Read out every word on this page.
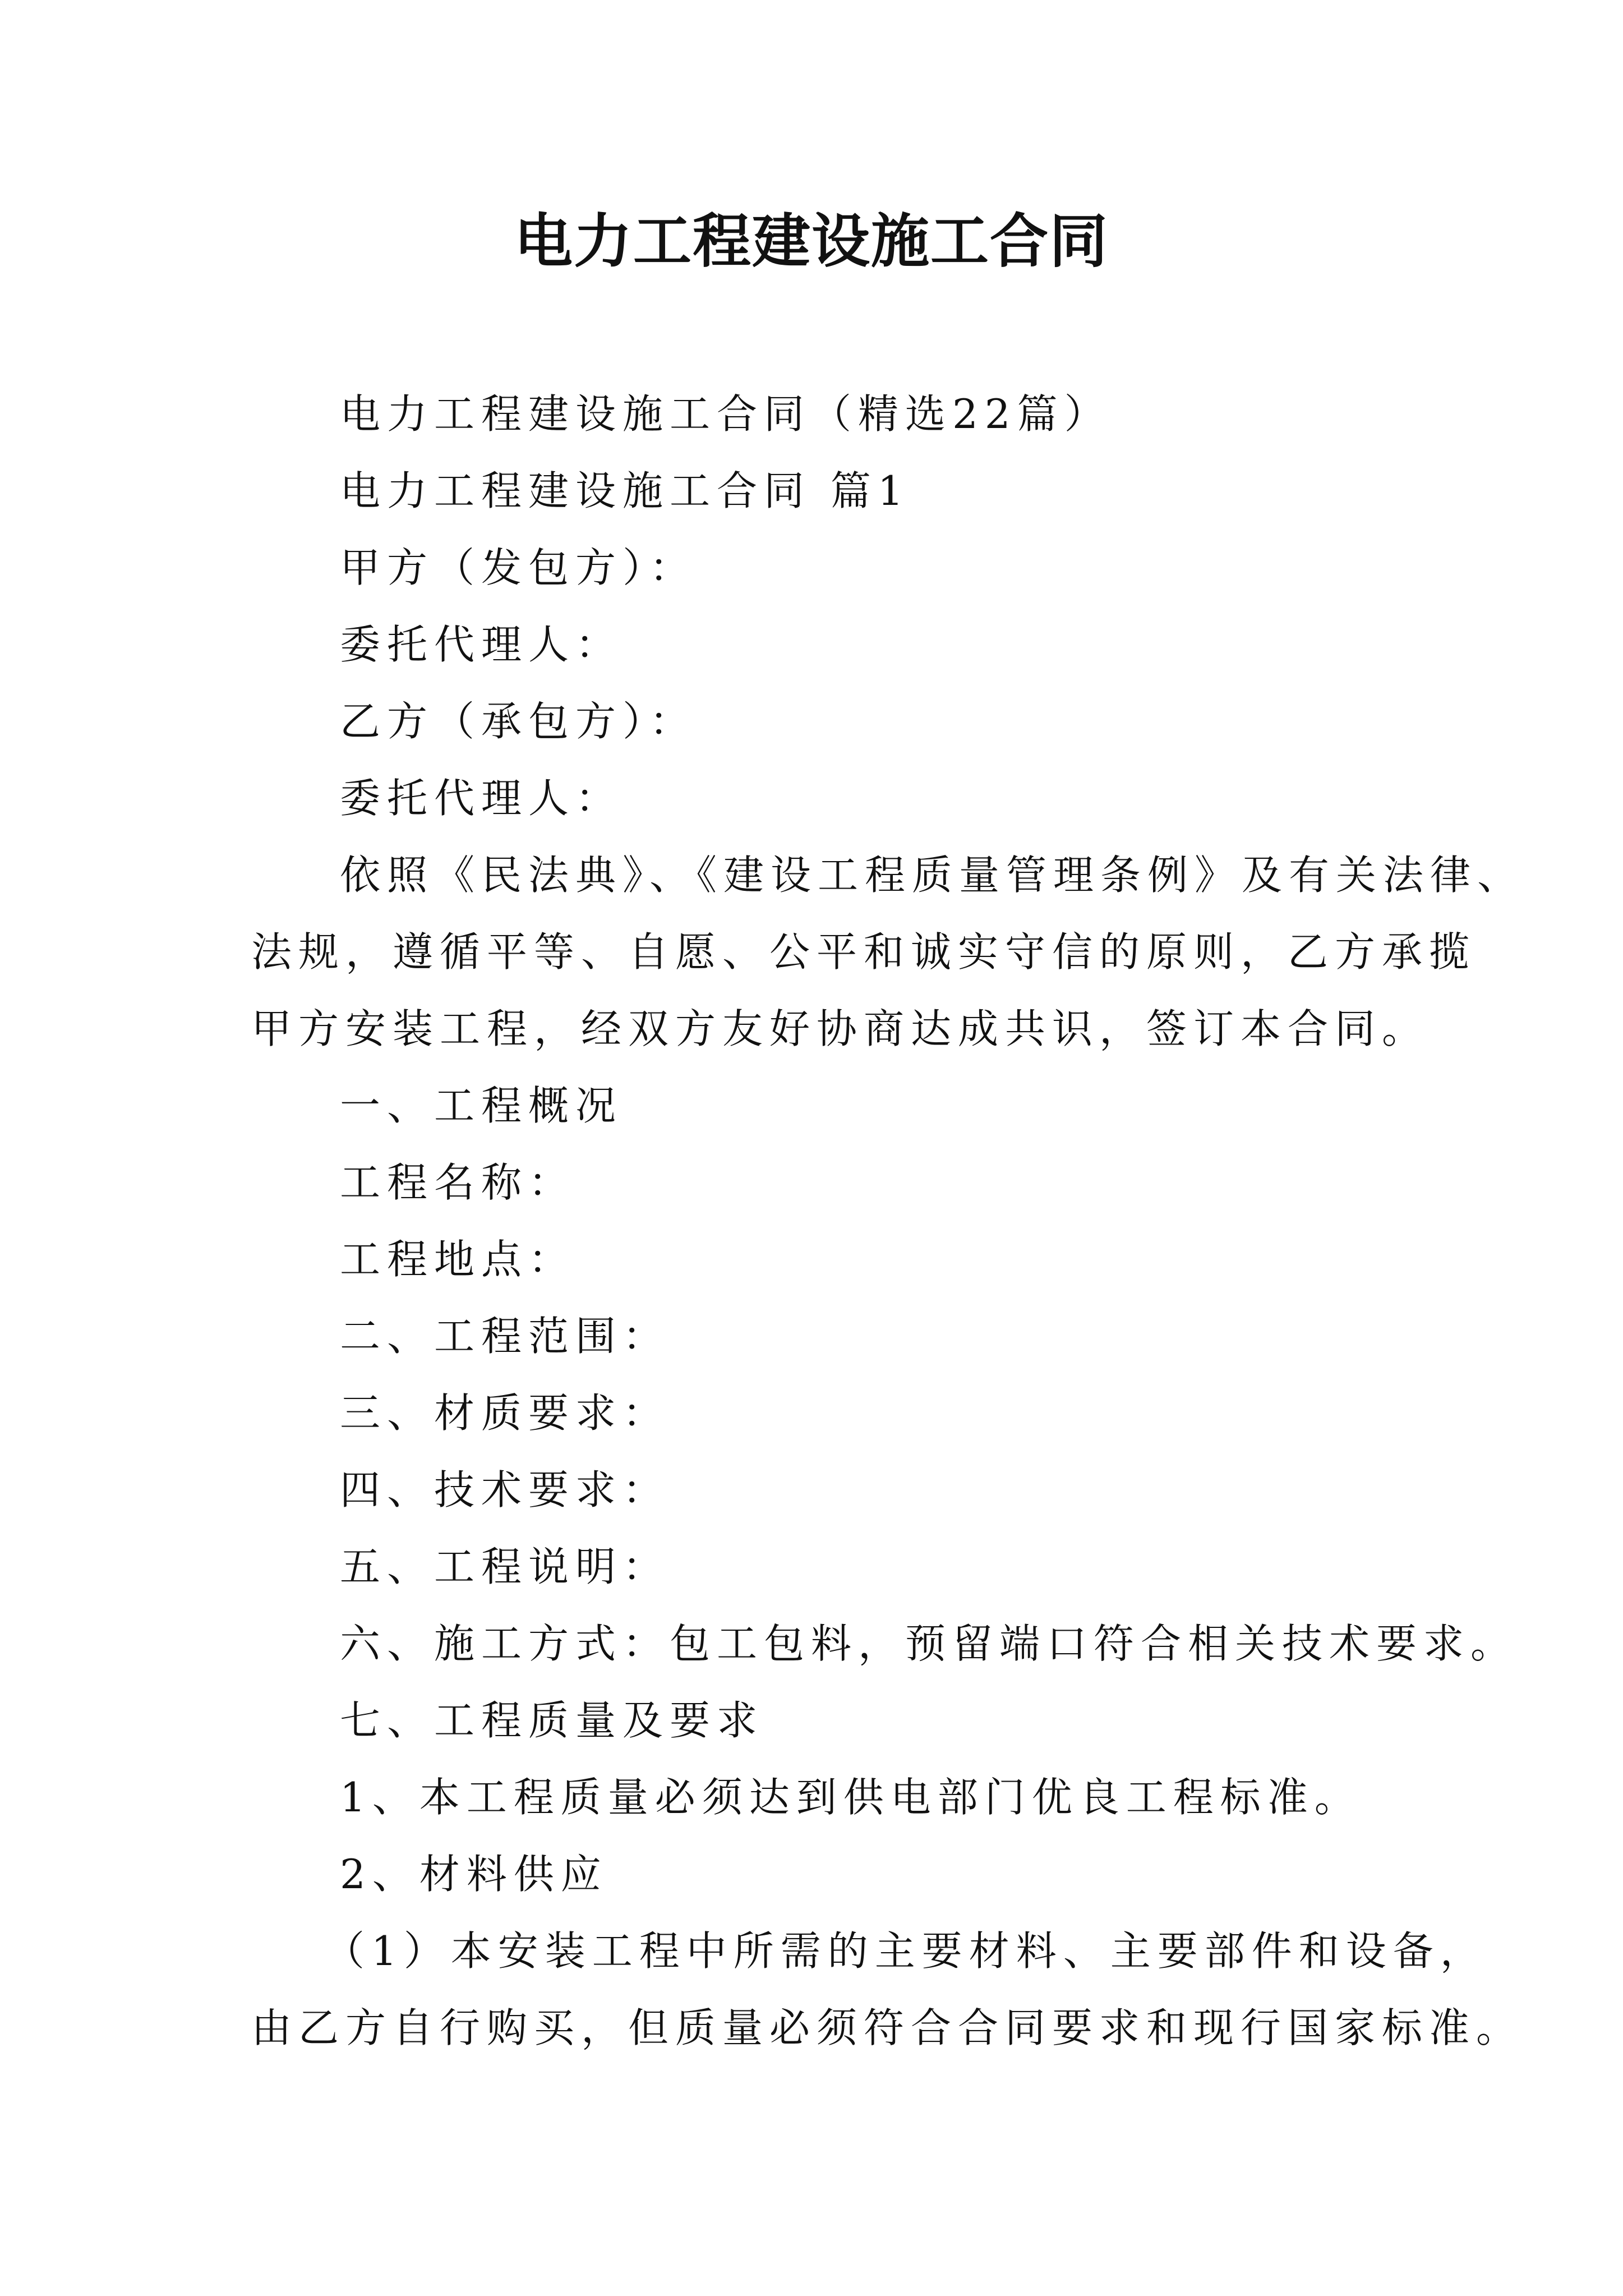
电力工程建设施工合同
电力工程建设施工合同（精选22篇）
电力工程建设施工合同 篇1
甲方（发包方）：
委托代理人：
乙方（承包方）：
委托代理人：
依照《民法典》、《建设工程质量管理条例》及有关法律、
法规，遵循平等、自愿、公平和诚实守信的原则，乙方承揽
甲方安装工程，经双方友好协商达成共识，签订本合同。
一、工程概况
工程名称：
工程地点：
二、工程范围：
三、材质要求：
四、技术要求：
五、工程说明：
六、施工方式：包工包料，预留端口符合相关技术要求。
七、工程质量及要求
1、本工程质量必须达到供电部门优良工程标准。
2、材料供应
（1）本安装工程中所需的主要材料、主要部件和设备，
由乙方自行购买，但质量必须符合合同要求和现行国家标准。
